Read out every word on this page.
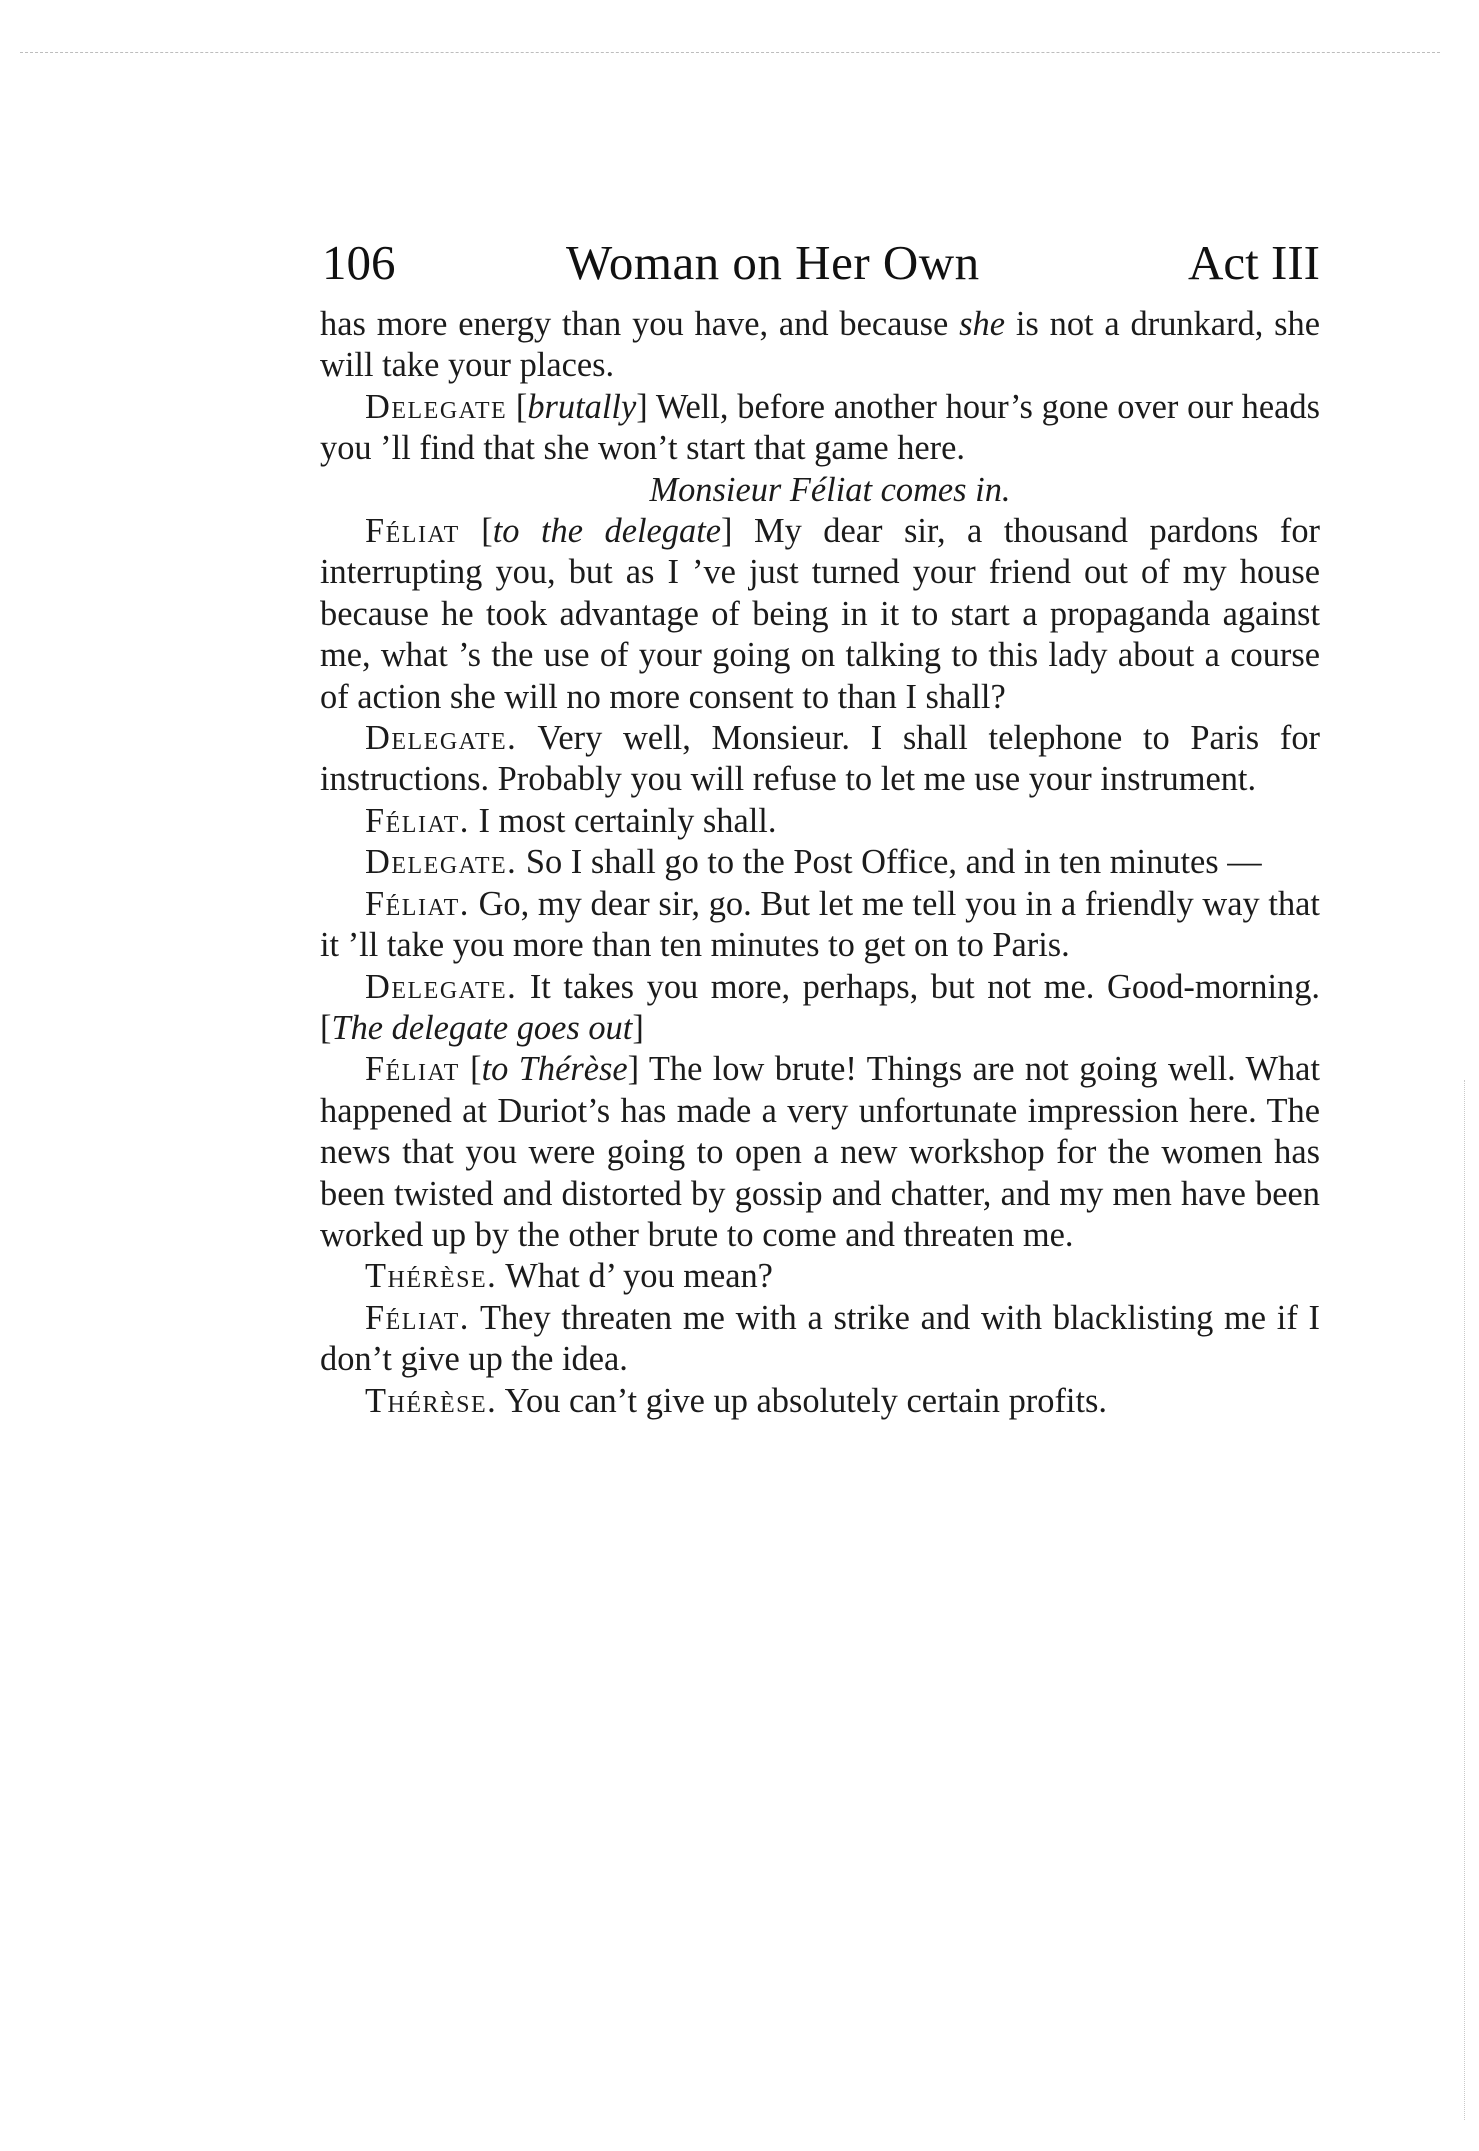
106	Woman on Her Own	Act III

has more energy than you have, and because she is not a drunkard, she will take your places.

Delegate [brutally] Well, before another hour’s gone over our heads you ’ll find that she won’t start that game here.

Monsieur Féliat comes in.

Féliat [to the delegate] My dear sir, a thousand pardons for interrupting you, but as I ’ve just turned your friend out of my house because he took advantage of being in it to start a propaganda against me, what ’s the use of your going on talking to this lady about a course of action she will no more consent to than I shall?

Delegate. Very well, Monsieur. I shall telephone to Paris for instructions. Probably you will refuse to let me use your instrument.

Féliat. I most certainly shall.

Delegate. So I shall go to the Post Office, and in ten minutes —

Féliat. Go, my dear sir, go. But let me tell you in a friendly way that it ’ll take you more than ten minutes to get on to Paris.

Delegate. It takes you more, perhaps, but not me. Good-morning. [The delegate goes out]

Féliat [to Thérèse] The low brute! Things are not going well. What happened at Duriot’s has made a very unfortunate impression here. The news that you were going to open a new workshop for the women has been twisted and distorted by gossip and chatter, and my men have been worked up by the other brute to come and threaten me.

Thérèse. What d’ you mean?

Féliat. They threaten me with a strike and with blacklisting me if I don’t give up the idea.

Thérèse. You can’t give up absolutely certain profits.
